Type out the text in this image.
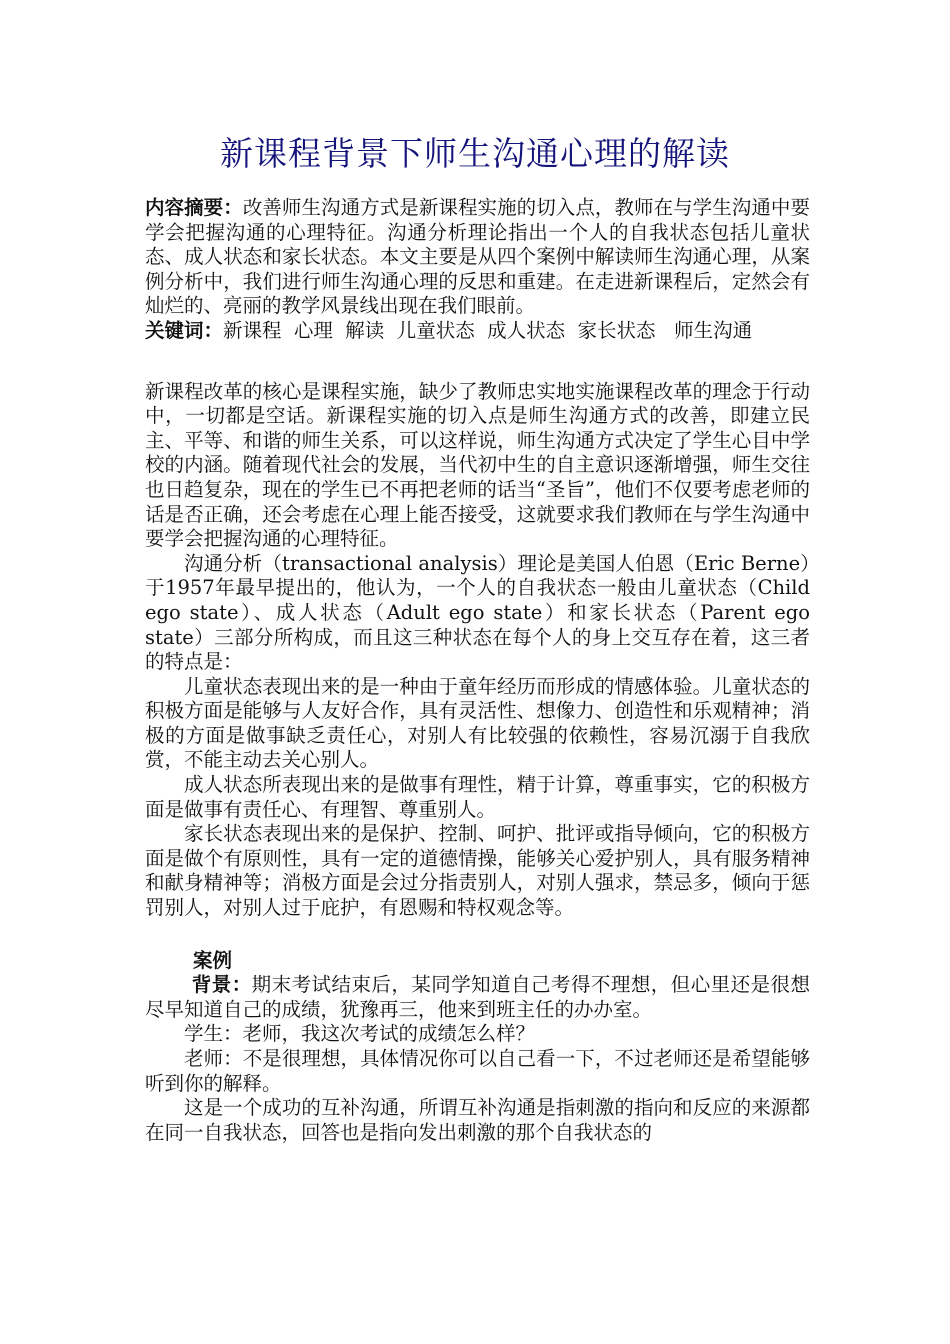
新课程背景下师生沟通心理的解读

内容摘要：改善师生沟通方式是新课程实施的切入点，教师在与学生沟通中要学会把握沟通的心理特征。沟通分析理论指出一个人的自我状态包括儿童状态、成人状态和家长状态。本文主要是从四个案例中解读师生沟通心理，从案例分析中，我们进行师生沟通心理的反思和重建。在走进新课程后，定然会有灿烂的、亮丽的教学风景线出现在我们眼前。

关键词：新课程  心理  解读  儿童状态  成人状态  家长状态   师生沟通

新课程改革的核心是课程实施，缺少了教师忠实地实施课程改革的理念于行动中，一切都是空话。新课程实施的切入点是师生沟通方式的改善，即建立民主、平等、和谐的师生关系，可以这样说，师生沟通方式决定了学生心目中学校的内涵。随着现代社会的发展，当代初中生的自主意识逐渐增强，师生交往也日趋复杂，现在的学生已不再把老师的话当“圣旨”，他们不仅要考虑老师的话是否正确，还会考虑在心理上能否接受，这就要求我们教师在与学生沟通中要学会把握沟通的心理特征。

沟通分析（transactional analysis）理论是美国人伯恩（Eric Berne）于1957年最早提出的，他认为，一个人的自我状态一般由儿童状态（Child ego state）、成人状态（Adult ego state）和家长状态（Parent ego state）三部分所构成，而且这三种状态在每个人的身上交互存在着，这三者的特点是：

儿童状态表现出来的是一种由于童年经历而形成的情感体验。儿童状态的积极方面是能够与人友好合作，具有灵活性、想像力、创造性和乐观精神；消极的方面是做事缺乏责任心，对别人有比较强的依赖性，容易沉溺于自我欣赏，不能主动去关心别人。

成人状态所表现出来的是做事有理性，精于计算，尊重事实，它的积极方面是做事有责任心、有理智、尊重别人。

家长状态表现出来的是保护、控制、呵护、批评或指导倾向，它的积极方面是做个有原则性，具有一定的道德情操，能够关心爱护别人，具有服务精神和献身精神等；消极方面是会过分指责别人，对别人强求，禁忌多，倾向于惩罚别人，对别人过于庇护，有恩赐和特权观念等。

案例

背景：期末考试结束后，某同学知道自己考得不理想，但心里还是很想尽早知道自己的成绩，犹豫再三，他来到班主任的办办室。

学生：老师，我这次考试的成绩怎么样？

老师：不是很理想，具体情况你可以自己看一下，不过老师还是希望能够听到你的解释。

这是一个成功的互补沟通，所谓互补沟通是指刺激的指向和反应的来源都在同一自我状态，回答也是指向发出刺激的那个自我状态的
